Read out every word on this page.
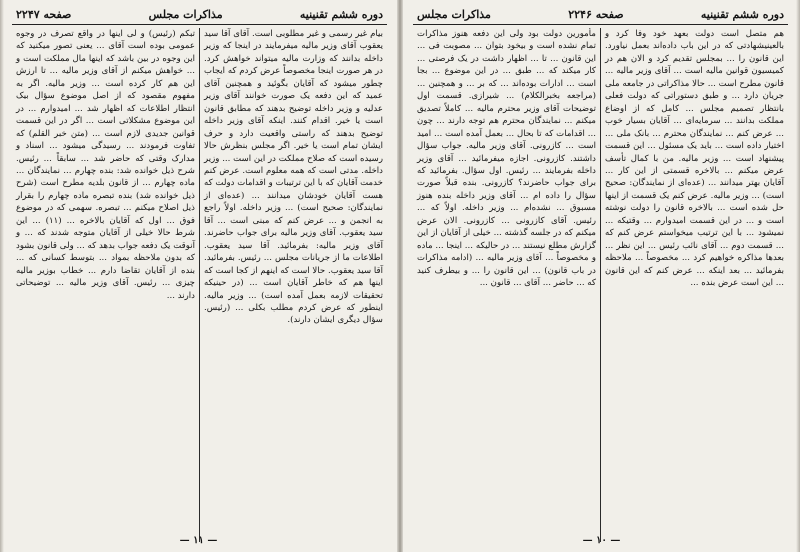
دوره ششم تقنینیه
مذاکرات مجلس
صفحه ۲۲۴۷

بیام غیر رسمی و غیر مطلوبی است. آقای آقا سید یعقوب آقای وزیر مالیه میفرمایند در اینجا که وزیر داخله بدانند که وزارت مالیه میتواند خواهش کرد. در هر صورت اینجا مخصوصاً عرض کردم که ایجاب چطور میشود که آقایان بگوئید و همچنین آقای عمید که این دفعه یک صورت خوانند آقای وزیر عدلیه و وزیر داخله توضیح بدهند که مطابق قانون است یا خیر. اقدام کنند. اینکه آقای وزیر داخله توضیح بدهند که راستی واقعیت دارد و حرف ایشان تمام است یا خیر. اگر مجلس بنظرش حالا رسیده است که صلاح مملکت در این است ... وزیر داخله. مدتی است که همه معلوم است. عرض کنم خدمت آقایان که با این ترتیبات و اقدامات دولت که هست آقایان خودشان میدانند ... (عده‌ای از نمایندگان: صحیح است) ... وزیر داخله. اولاً راجع به انجمن و ... عرض کنم که مبنی است ... آقا سید یعقوب. آقای وزیر مالیه برای جواب حاضرند. آقای وزیر مالیه: بفرمائید. آقا سید یعقوب. اطلاعات ما از جریانات مجلس ... رئیس. بفرمائید. آقا سید یعقوب. حالا است که اینهم از کجا است که اینها هم که خاطر آقایان است ... (در حینیکه تحقیقات لازمه بعمل آمده است) ... وزیر مالیه. اینطور که عرض کردم مطلب بکلی ... (رئیس. سؤال دیگری ایشان دارند).

تبکم (رئیس) و لی اینها در واقع تصرف در وجوه عمومی بوده است آقای ... یعنی تصور میکنید که این وجوه در بین باشد که اینها مال مملکت است و ... خواهش میکنم از آقای وزیر مالیه ... تا ارزش این هم کار کرده است ... وزیر مالیه. اگر به مفهوم مقصود که از اصل موضوع سؤال بیک انتظار اطلاعات که اظهار شد ... امیدوارم ... در این موضوع مشکلاتی است ... اگر در این قسمت قوانین جدیدی لازم است ... (متن خبر القلم) که تفاوت فرمودند ... رسیدگی میشود ... اسناد و مدارک وقتی که حاضر شد ... سابقاً ... رئیس. شرح ذیل خوانده شد: بنده چهارم ... نمایندگان ... ماده چهارم ... از قانون بلدیه مطرح است (شرح ذیل خوانده شد) بنده تبصره ماده چهارم را بقرار ذیل اصلاح میکنم ... تبصره. سهمی که در موضوع فوق ... اول که آقایان بالاخره ... (۱۱) ... این شرط حالا خیلی از آقایان متوجه شدند که ... و آنوقت یک دفعه جواب بدهد که ... ولی قانون بشود که بدون ملاحظه بمواد ... بتوسط کسانی که ... بنده از آقایان تقاضا دارم ... خطاب بوزیر مالیه چیزی ... رئیس. آقای وزیر مالیه ... توضیحاتی دارند ...

— ۱۱ —
دوره ششم تقنینیه
صفحه ۲۲۴۶
مذاکرات مجلس

هم متصل است دولت بعهد خود وفا کرد و بالعینیشهادتی که در این باب داده‌اند بعمل نیاورد. این قانون را ... بمجلس تقدیم کرد و الان هم در کمیسیون قوانین مالیه است ... آقای وزیر مالیه ... قانون مطرح است ... حالا مذاکراتی در جامعه ملی جریان دارد ... و طبق دستوراتی که دولت فعلی بانتظار تصمیم مجلس ... کامل که از اوضاع مملکت بدانند ... سرمایه‌ای ... آقایان بسیار خوب ... عرض کنم ... نمایندگان محترم ... بانک ملی ... اختیار داده است ... باید یک مسئول ... این قسمت پیشنهاد است ... وزیر مالیه. من با کمال تأسف عرض میکنم ... بالاخره قسمتی از این کار ... آقایان بهتر میدانند ... (عده‌ای از نمایندگان: صحیح است) ... وزیر مالیه. عرض کنم یک قسمت از اینها حل شده است ... بالاخره قانون را دولت نوشته است و ... در این قسمت امیدوارم ... وقتیکه ... نمیشود ... با این ترتیب میخواستم عرض کنم که ... قسمت دوم ... آقای نائب رئیس ... این نظر ... بعدها مذاکره خواهیم کرد ... مخصوصاً ... ملاحظه بفرمائید ... بعد اینکه ... عرض کنم که این قانون ... این است عرض بنده ...

مأمورین دولت بود ولی این دفعه هنوز مذاکرات تمام نشده است و بیخود بتوان ... مصوبت فی ... این قانون ... تا ... اظهار داشت در یک فرصتی ... کار میکند که ... طبق ... در این موضوع ... بجا است ... ادارات بوده‌اند ... که بر ... و همچنین ... (مراجعه بخبرالکلام) ... شیرازی. قسمت اول توضیحات آقای وزیر محترم مالیه ... کاملاً تصدیق میکنم ... نمایندگان محترم هم توجه دارند ... چون ... اقدامات که تا بحال ... بعمل آمده است ... امید است ... کازرونی. آقای وزیر مالیه. جواب سؤال داشتند. کازرونی. اجازه میفرمائید ... آقای وزیر داخله بفرمایند ... رئیس. اول سؤال. بفرمائید که برای جواب حاضرند؟ کازرونی. بنده قبلاً صورت سؤال را داده ام ... آقای وزیر داخله بنده هنوز مسبوق ... نشده‌ام ... وزیر داخله. اولاً که ... رئیس. آقای کازرونی ... کازرونی. الان عرض میکنم که در جلسه گذشته ... خیلی از آقایان از این گزارش مطلع نیستند ... در حالیکه ... اینجا ... ماده و مخصوصاً ... آقای وزیر مالیه ... (ادامه مذاکرات در باب قانون) ... این قانون را ... و بیطرف کنید که ... حاضر ... آقای ... قانون ...

— ۱۰ —
